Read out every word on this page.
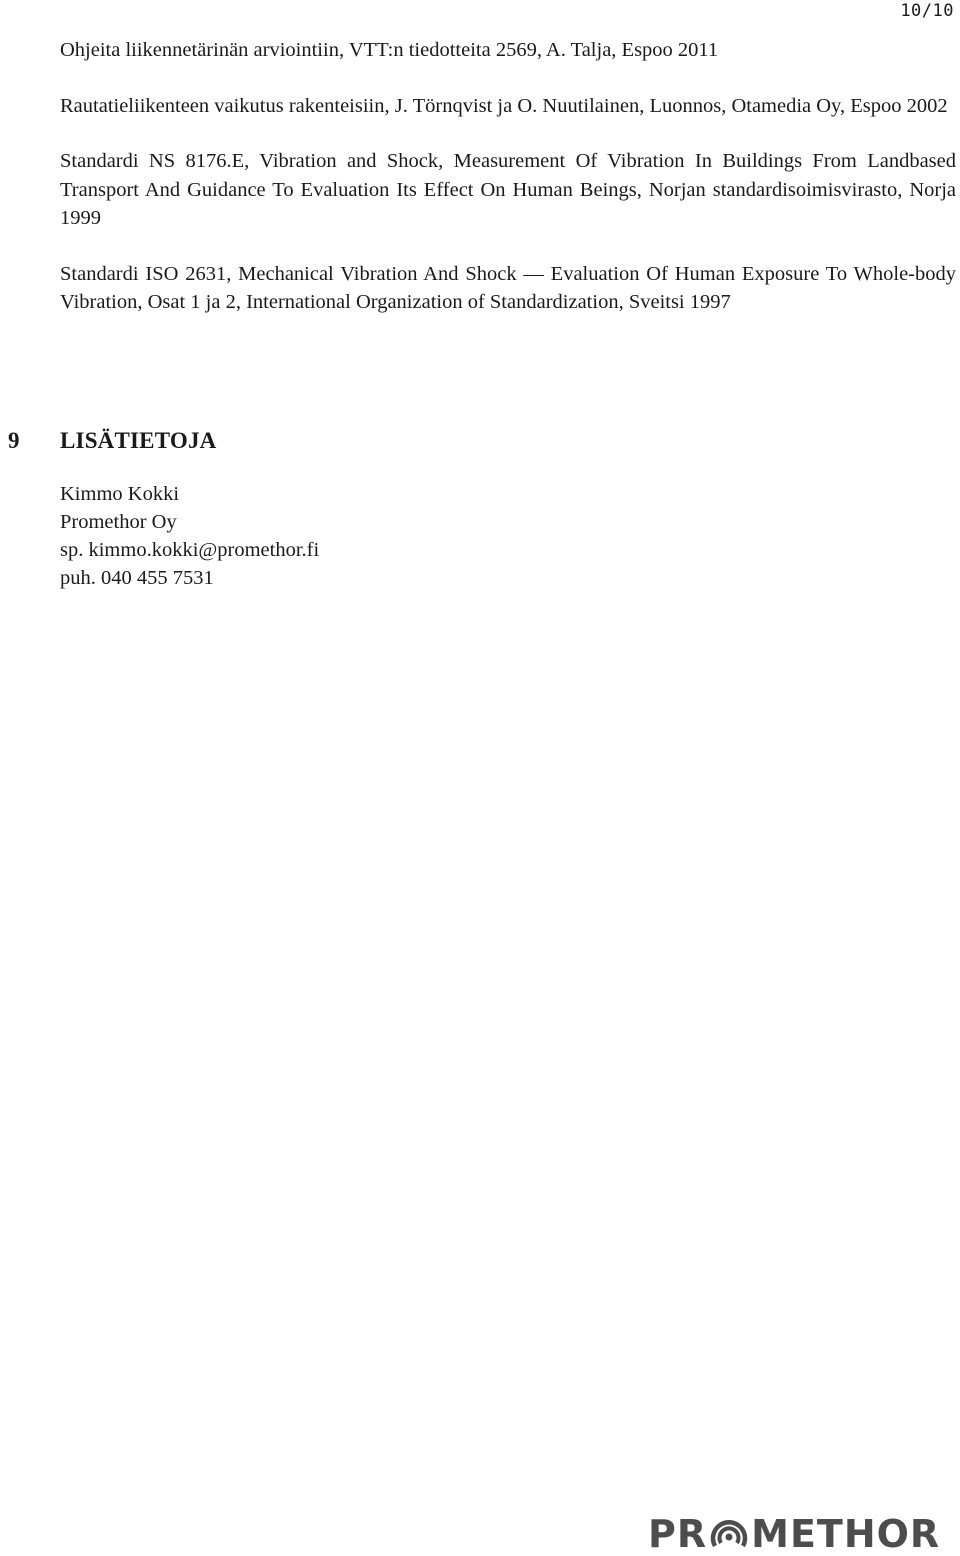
10/10

Ohjeita liikennetärinän arviointiin, VTT:n tiedotteita 2569, A. Talja, Espoo 2011

Rautatieliikenteen vaikutus rakenteisiin, J. Törnqvist ja O. Nuutilainen, Luonnos, Otamedia Oy, Espoo 2002

Standardi NS 8176.E, Vibration and Shock, Measurement Of Vibration In Buildings From Landbased Transport And Guidance To Evaluation Its Effect On Human Beings, Norjan standardisoimisvirasto, Norja 1999

Standardi ISO 2631, Mechanical Vibration And Shock — Evaluation Of Human Exposure To Whole-body Vibration, Osat 1 ja 2, International Organization of Standardization, Sveitsi 1997

9 LISÄTIETOJA
Kimmo Kokki
Promethor Oy
sp. kimmo.kokki@promethor.fi
puh. 040 455 7531
PR METHOR
